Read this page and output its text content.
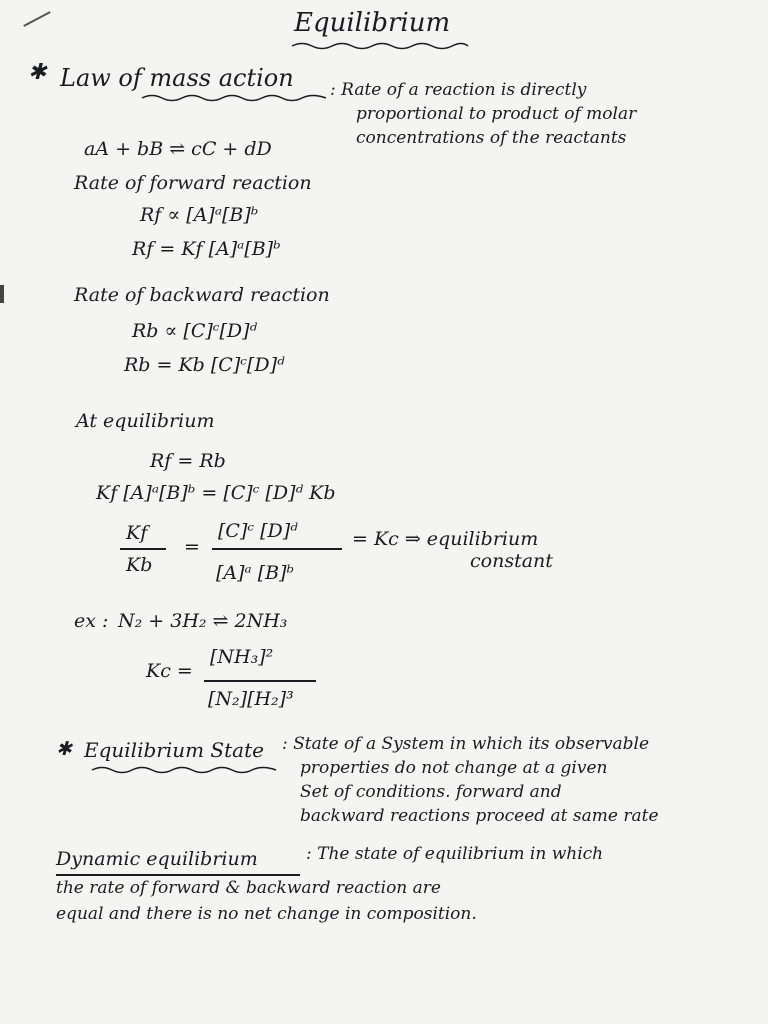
Equilibrium
✱ Law of mass action : Rate of a reaction is directly
proportional to product of molar
concentrations of the reactants
aA + bB ⇌ cC + dD
Rate of forward reaction
Rf ∝ [A]ᵃ[B]ᵇ
Rf = Kf [A]ᵃ[B]ᵇ
Rate of backward reaction
Rb ∝ [C]ᶜ[D]ᵈ
Rb = Kb [C]ᶜ[D]ᵈ
At equilibrium
Rf = Rb
Kf [A]ᵃ[B]ᵇ = [C]ᶜ [D]ᵈ Kb
Kf
Kb
=
[C]ᶜ [D]ᵈ
[A]ᵃ [B]ᵇ
= Kc ⇒ equilibrium
constant
ex : N₂ + 3H₂ ⇌ 2NH₃
Kc =
[NH₃]²
[N₂][H₂]³
✱ Equilibrium State : State of a System in which its observable
properties do not change at a given
Set of conditions. forward and
backward reactions proceed at same rate
Dynamic equilibrium	: The state of equilibrium in which
the rate of forward & backward reaction are
equal and there is no net change in composition.
